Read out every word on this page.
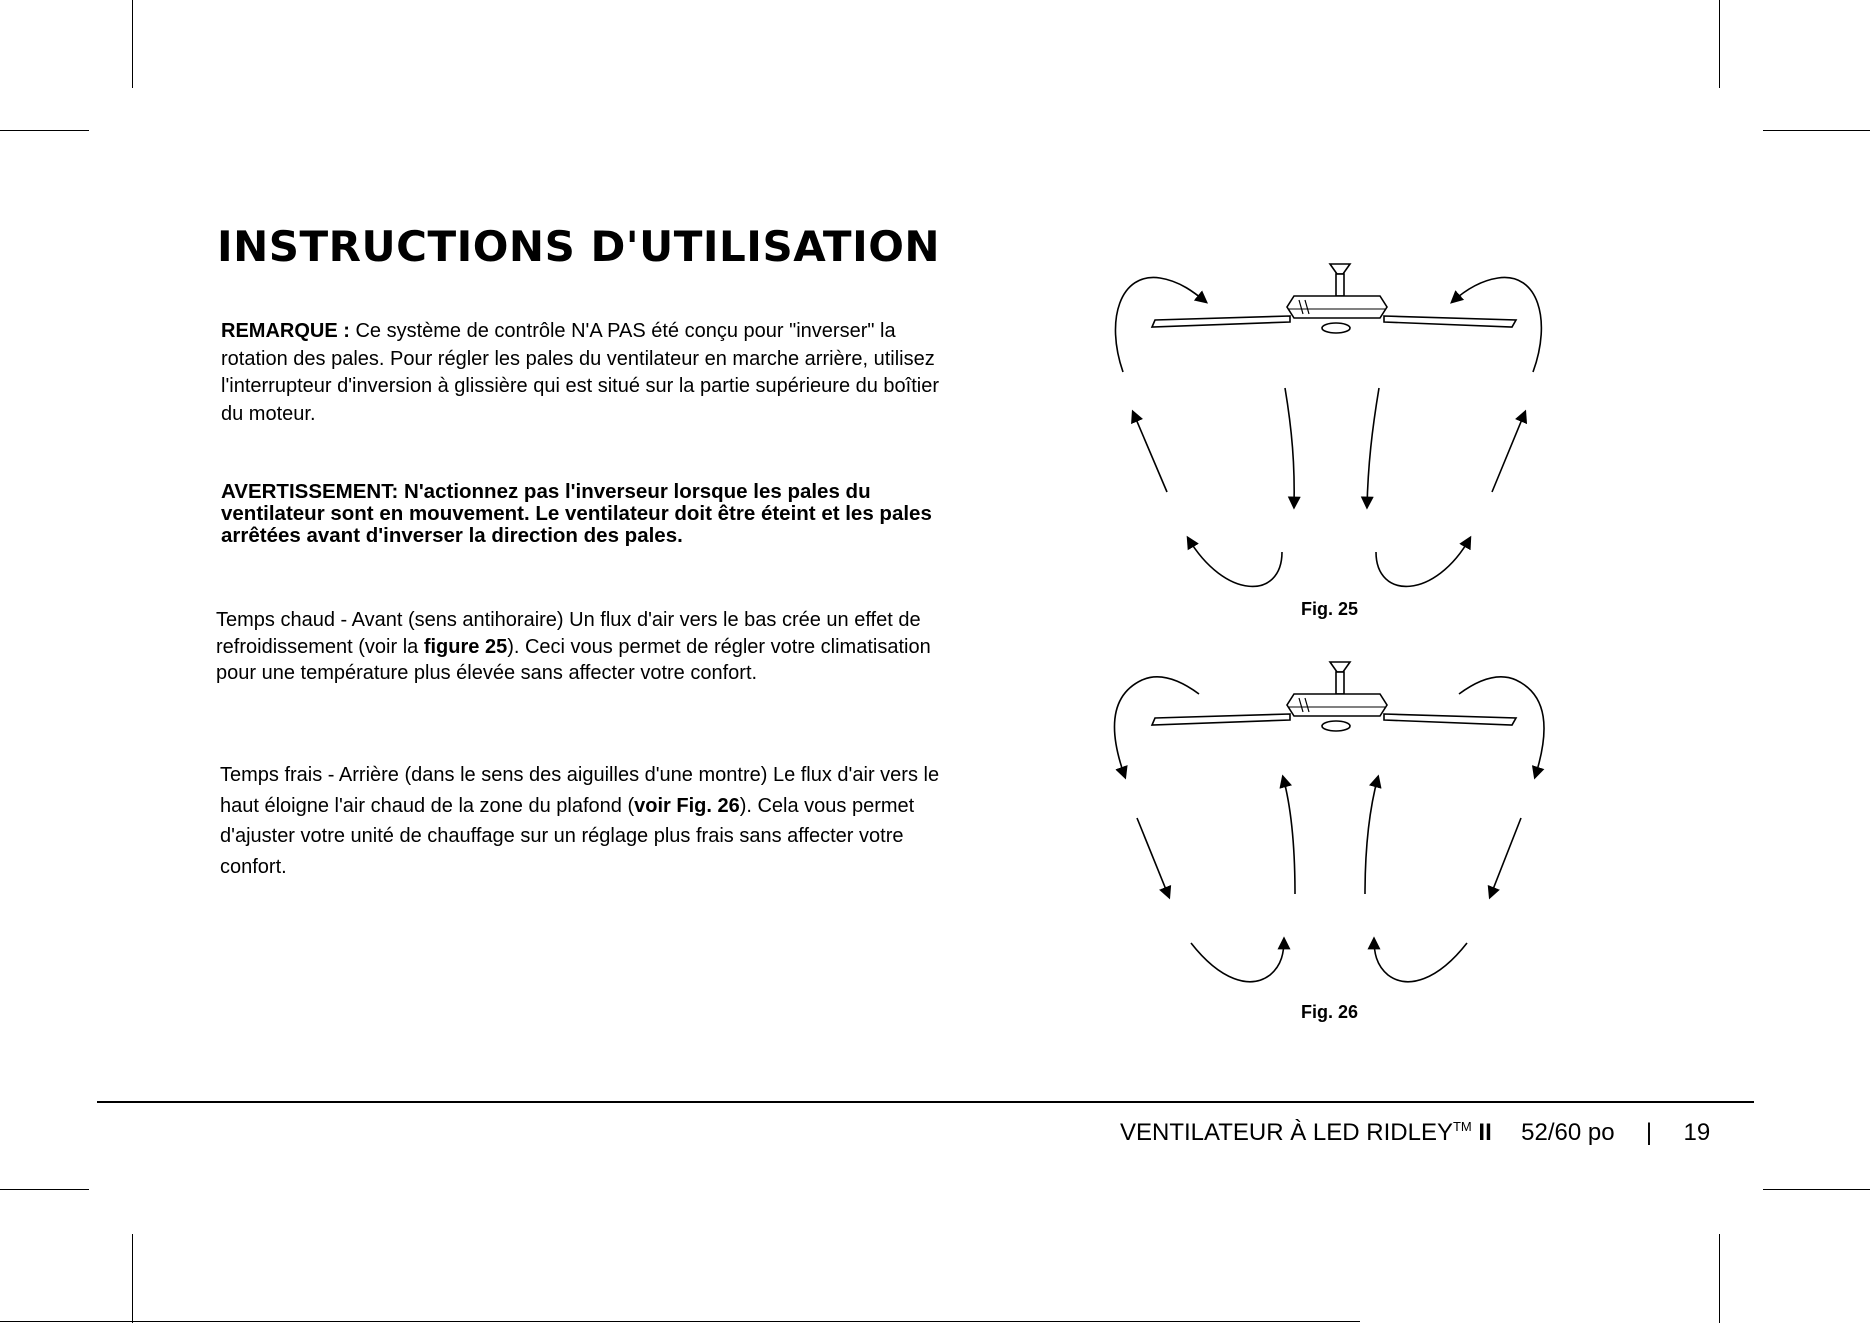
INSTRUCTIONS D'UTILISATION

REMARQUE : Ce système de contrôle N'A PAS été conçu pour "inverser" la rotation des pales. Pour régler les pales du ventilateur en marche arrière, utilisez l'interrupteur d'inversion à glissière qui est situé sur la partie supérieure du boîtier du moteur.

AVERTISSEMENT: N'actionnez pas l'inverseur lorsque les pales du ventilateur sont en mouvement. Le ventilateur doit être éteint et les pales arrêtées avant d'inverser la direction des pales.

Temps chaud - Avant (sens antihoraire) Un flux d'air vers le bas crée un effet de refroidissement (voir la figure 25). Ceci vous permet de régler votre climatisation pour une température plus élevée sans affecter votre confort.

Temps frais - Arrière (dans le sens des aiguilles d'une montre) Le flux d'air vers le haut éloigne l'air chaud de la zone du plafond (voir Fig. 26). Cela vous permet d'ajuster votre unité de chauffage sur un réglage plus frais sans affecter votre confort.

Fig. 25
Fig. 26
VENTILATEUR À LED RIDLEY™ II 52/60 po | 19
